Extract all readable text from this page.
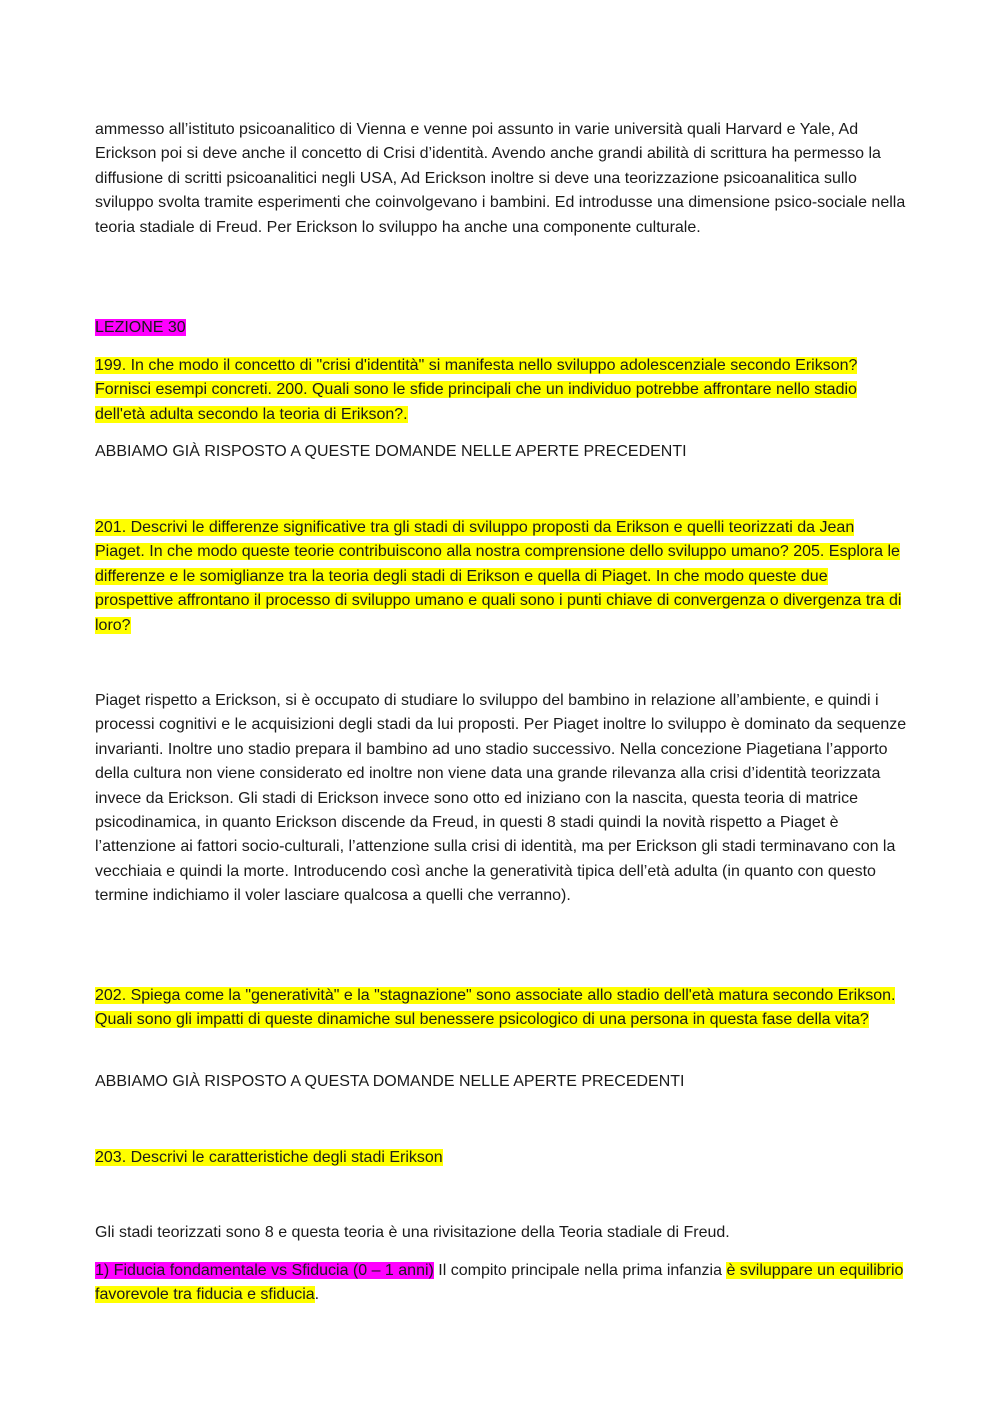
ammesso all’istituto psicoanalitico di Vienna e venne poi assunto in varie università quali Harvard e Yale, Ad Erickson poi si deve anche il concetto di Crisi d’identità. Avendo anche grandi abilità di scrittura ha permesso la diffusione di scritti psicoanalitici negli USA, Ad Erickson inoltre si deve una teorizzazione psicoanalitica sullo sviluppo svolta tramite esperimenti che coinvolgevano i bambini. Ed introdusse una dimensione psico-sociale nella teoria stadiale di Freud. Per Erickson lo sviluppo ha anche una componente culturale.

LEZIONE 30

199. In che modo il concetto di "crisi d'identità" si manifesta nello sviluppo adolescenziale secondo Erikson? Fornisci esempi concreti. 200. Quali sono le sfide principali che un individuo potrebbe affrontare nello stadio dell'età adulta secondo la teoria di Erikson?.

ABBIAMO GIÀ RISPOSTO A QUESTE DOMANDE NELLE APERTE PRECEDENTI

201. Descrivi le differenze significative tra gli stadi di sviluppo proposti da Erikson e quelli teorizzati da Jean Piaget. In che modo queste teorie contribuiscono alla nostra comprensione dello sviluppo umano? 205. Esplora le differenze e le somiglianze tra la teoria degli stadi di Erikson e quella di Piaget. In che modo queste due prospettive affrontano il processo di sviluppo umano e quali sono i punti chiave di convergenza o divergenza tra di loro?

Piaget rispetto a Erickson, si è occupato di studiare lo sviluppo del bambino in relazione all’ambiente, e quindi i processi cognitivi e le acquisizioni degli stadi da lui proposti. Per Piaget inoltre lo sviluppo è dominato da sequenze invarianti. Inoltre uno stadio prepara il bambino ad uno stadio successivo. Nella concezione Piagetiana l’apporto della cultura non viene considerato ed inoltre non viene data una grande rilevanza alla crisi d’identità teorizzata invece da Erickson. Gli stadi di Erickson invece sono otto ed iniziano con la nascita, questa teoria di matrice psicodinamica, in quanto Erickson discende da Freud, in questi 8 stadi quindi la novità rispetto a Piaget è l’attenzione ai fattori socio-culturali, l’attenzione sulla crisi di identità, ma per Erickson gli stadi terminavano con la vecchiaia e quindi la morte. Introducendo così anche la generatività tipica dell’età adulta (in quanto con questo termine indichiamo il voler lasciare qualcosa a quelli che verranno).

202. Spiega come la "generatività" e la "stagnazione" sono associate allo stadio dell'età matura secondo Erikson. Quali sono gli impatti di queste dinamiche sul benessere psicologico di una persona in questa fase della vita?

ABBIAMO GIÀ RISPOSTO A QUESTA DOMANDE NELLE APERTE PRECEDENTI

203. Descrivi le caratteristiche degli stadi Erikson

Gli stadi teorizzati sono 8 e questa teoria è una rivisitazione della Teoria stadiale di Freud.

1) Fiducia fondamentale vs Sfiducia (0 – 1 anni) Il compito principale nella prima infanzia è sviluppare un equilibrio favorevole tra fiducia e sfiducia.
